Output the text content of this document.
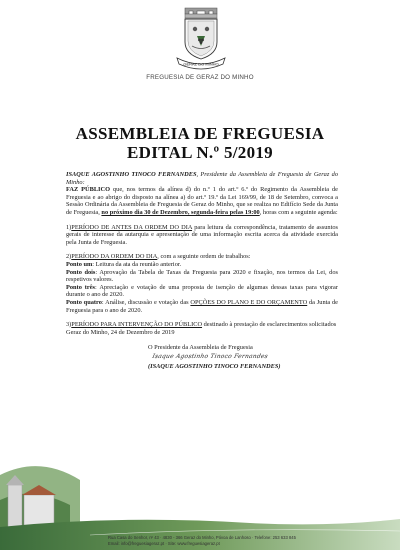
GERAZ DO MINHO
FREGUESIA DE GERAZ DO MINHO
ASSEMBLEIA DE FREGUESIA
EDITAL N.º 5/2019

ISAQUE AGOSTINHO TINOCO FERNANDES, Presidente da Assembleia de Freguesia de Geraz do Minho:

FAZ PÚBLICO que, nos termos da alínea d) do n.º 1 do art.º 6.º do Regimento da Assembleia de Freguesia e ao abrigo do disposto na alínea a) do art.º 19.º da Lei 169/99, de 18 de Setembro, convoca a Sessão Ordinária da Assembleia de Freguesia de Geraz do Minho, que se realiza no Edifício Sede da Junta de Freguesia, no próximo dia 30 de Dezembro, segunda-feira pelas 19:00, horas com a seguinte agenda:

1)PERÍODO DE ANTES DA ORDEM DO DIA para leitura da correspondência, tratamento de assuntos gerais de interesse da autarquia e apresentação de uma informação escrita acerca da atividade exercida pela Junta de Freguesia.

2)PERÍODO DA ORDEM DO DIA, com a seguinte ordem de trabalhos:

Ponto um: Leitura da ata da reunião anterior.

Ponto dois: Aprovação da Tabela de Taxas da Freguesia para 2020 e fixação, nos termos da Lei, dos respetivos valores.

Ponto três: Apreciação e votação de uma proposta de isenção de algumas dessas taxas para vigorar durante o ano de 2020.

Ponto quatro: Análise, discussão e votação das OPÇÕES DO PLANO E DO ORÇAMENTO da Junta de Freguesia para o ano de 2020.

3)PERÍODO PARA INTERVENÇÃO DO PÚBLICO destinado à prestação de esclarecimentos solicitados

Geraz do Minho, 24 de Dezembro de 2019

O Presidente da Assembleia de Freguesia
Isaque Agostinho Tinoco Fernandes
(ISAQUE AGOSTINHO TINOCO FERNANDES)
Rua Casa do Senhor, nº 43 · 4830 - 366 Geraz do Minho, Póvoa de Lanhoso · Telefone: 253 633 845
Email: info@freguesiageraz.pt · Site: www.freguesiageraz.pt
